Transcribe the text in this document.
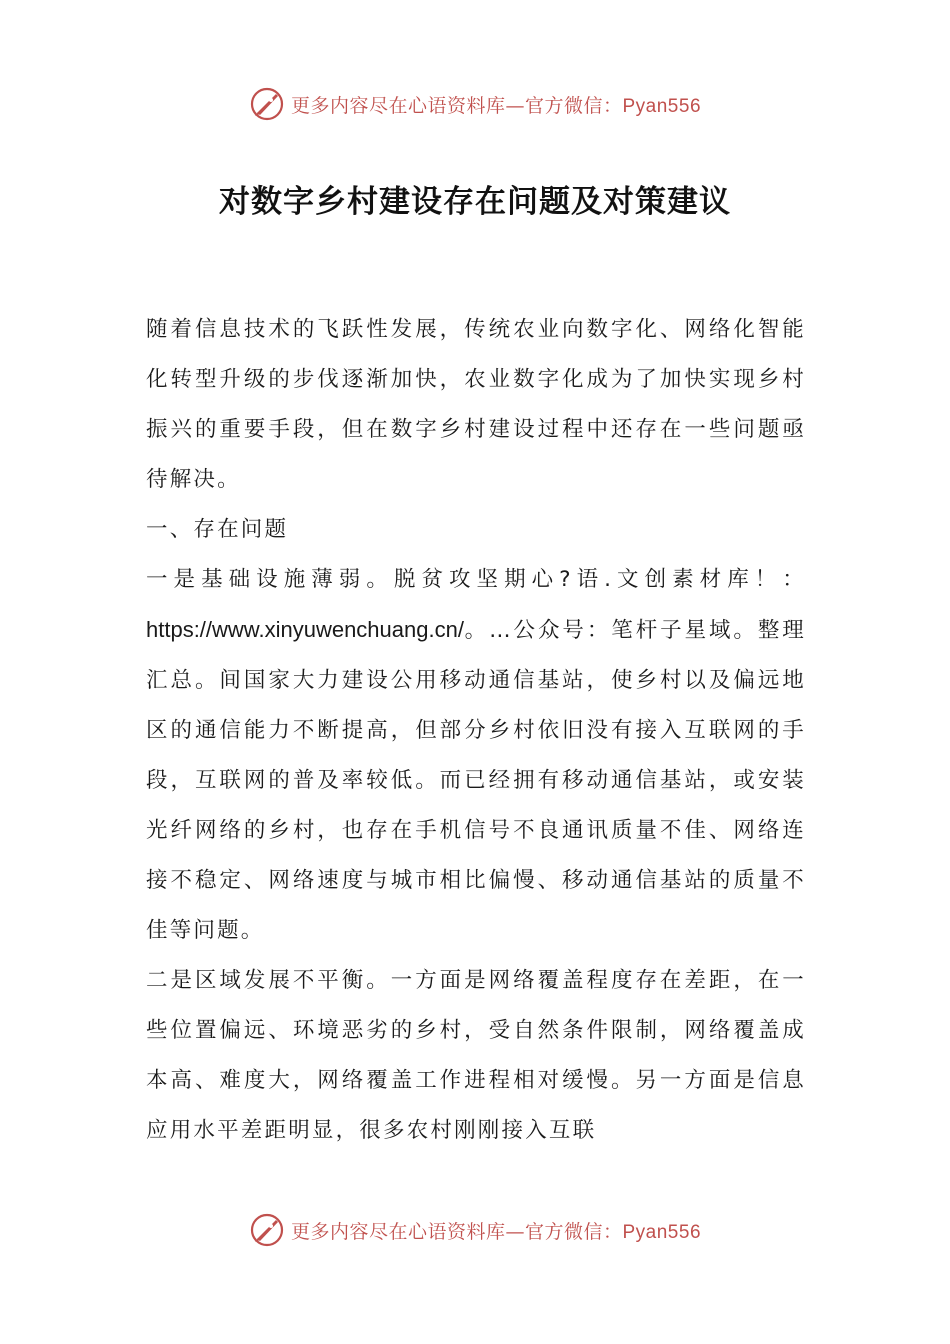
更多内容尽在心语资料库—官方微信：Pyan556
对数字乡村建设存在问题及对策建议

随着信息技术的飞跃性发展，传统农业向数字化、网络化智能化转型升级的步伐逐渐加快，农业数字化成为了加快实现乡村振兴的重要手段，但在数字乡村建设过程中还存在一些问题亟待解决。

一、存在问题

一是基础设施薄弱。脱贫攻坚期心?语.文创素材库！：https://www.xinyuwenchuang.cn/。…公众号：笔杆子星域。整理汇总。间国家大力建设公用移动通信基站，使乡村以及偏远地区的通信能力不断提高，但部分乡村依旧没有接入互联网的手段，互联网的普及率较低。而已经拥有移动通信基站，或安装光纤网络的乡村，也存在手机信号不良通讯质量不佳、网络连接不稳定、网络速度与城市相比偏慢、移动通信基站的质量不佳等问题。

二是区域发展不平衡。一方面是网络覆盖程度存在差距，在一些位置偏远、环境恶劣的乡村，受自然条件限制，网络覆盖成本高、难度大，网络覆盖工作进程相对缓慢。另一方面是信息应用水平差距明显，很多农村刚刚接入互联

更多内容尽在心语资料库—官方微信：Pyan556
